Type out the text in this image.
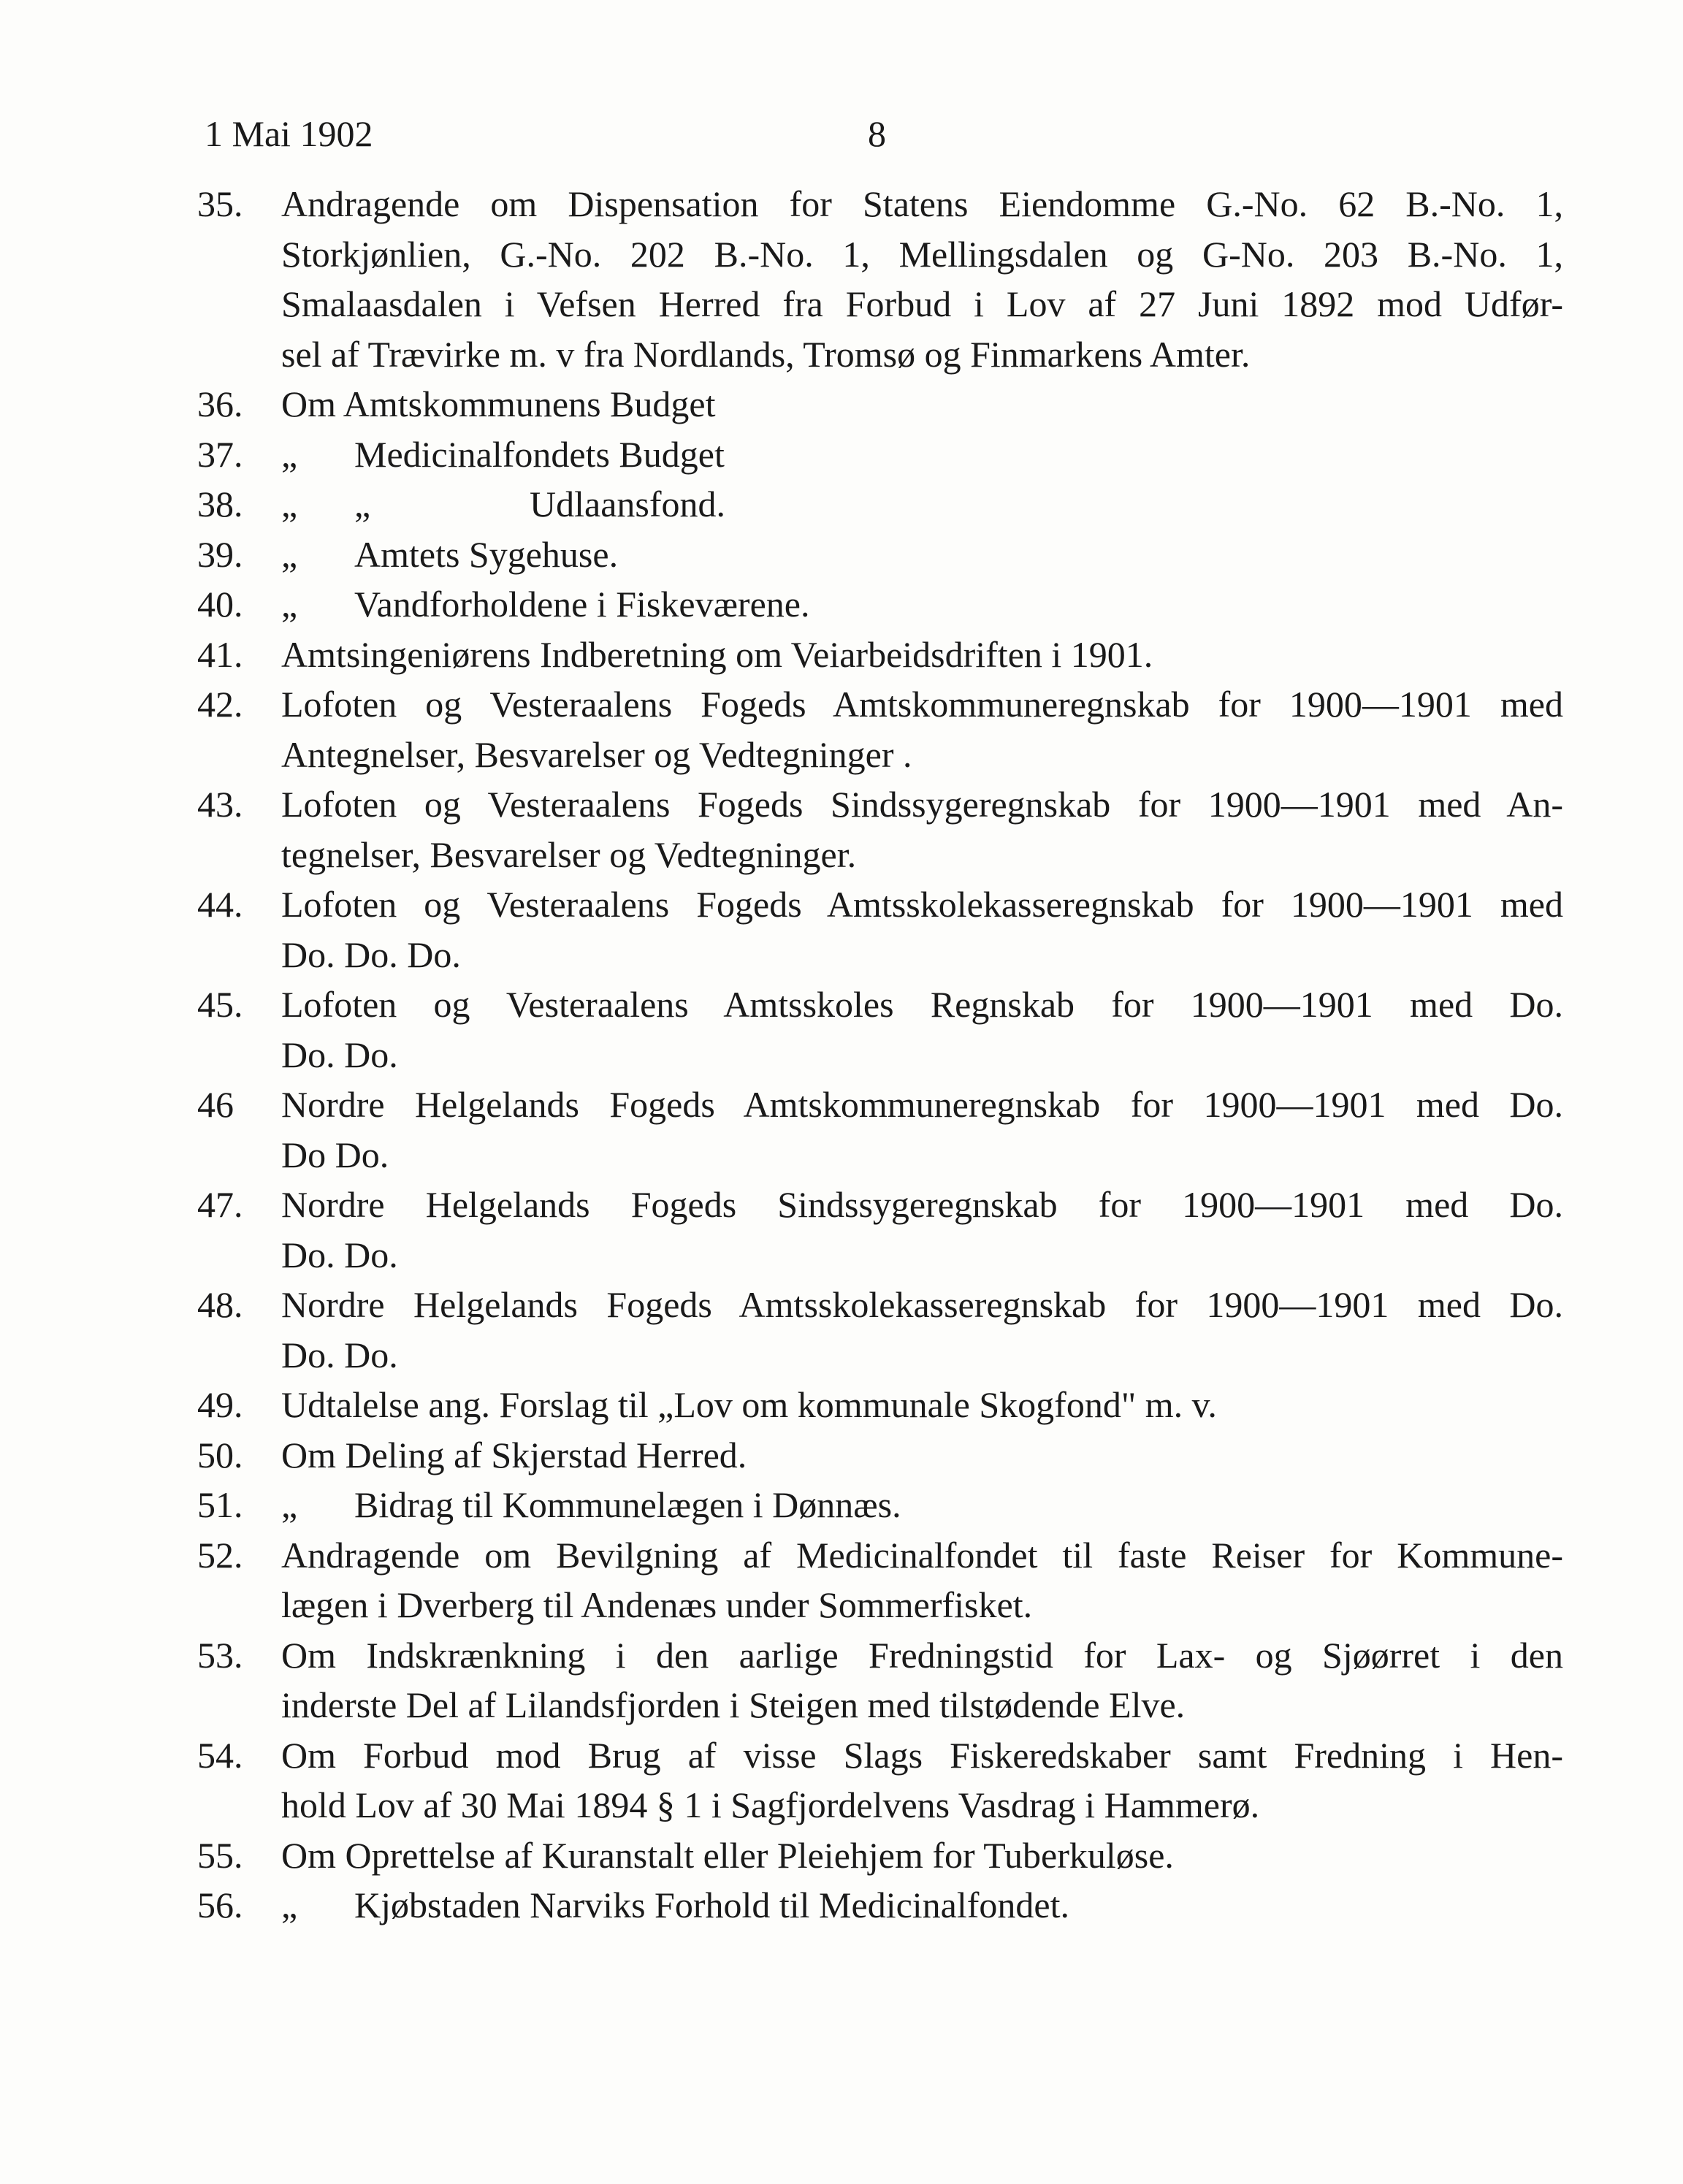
1 Mai 1902	8
35.	Andragende om Dispensation for Statens Eiendomme G.-No. 62 B.-No. 1,
Storkjønlien, G.-No. 202 B.-No. 1, Mellingsdalen og G-No. 203 B.-No. 1,
Smalaasdalen i Vefsen Herred fra Forbud i Lov af 27 Juni 1892 mod Udfør-
sel af Trævirke m. v fra Nordlands, Tromsø og Finmarkens Amter.
36.	Om Amtskommunens Budget
37.	„ Medicinalfondets Budget
38.	„ „	Udlaansfond.
39.	„ Amtets Sygehuse.
40.	„ Vandforholdene i Fiskeværene.
41.	Amtsingeniørens Indberetning om Veiarbeidsdriften i 1901.
42.	Lofoten og Vesteraalens Fogeds Amtskommuneregnskab for 1900—1901 med
Antegnelser, Besvarelser og Vedtegninger .
43.	Lofoten og Vesteraalens Fogeds Sindssygeregnskab for 1900—1901 med An-
tegnelser, Besvarelser og Vedtegninger.
44.	Lofoten og Vesteraalens Fogeds Amtsskolekasseregnskab for 1900—1901 med
Do. Do. Do.
45.	Lofoten og Vesteraalens Amtsskoles Regnskab for 1900—1901 med Do.
Do. Do.
46	Nordre Helgelands Fogeds Amtskommuneregnskab for 1900—1901 med Do.
Do Do.
47.	Nordre Helgelands Fogeds Sindssygeregnskab for 1900—1901 med Do.
Do. Do.
48.	Nordre Helgelands Fogeds Amtsskolekasseregnskab for 1900—1901 med Do.
Do. Do.
49.	Udtalelse ang. Forslag til „Lov om kommunale Skogfond" m. v.
50.	Om Deling af Skjerstad Herred.
51.	„ Bidrag til Kommunelægen i Dønnæs.
52.	Andragende om Bevilgning af Medicinalfondet til faste Reiser for Kommune-
lægen i Dverberg til Andenæs under Sommerfisket.
53.	Om Indskrænkning i den aarlige Fredningstid for Lax- og Sjøørret i den
inderste Del af Lilandsfjorden i Steigen med tilstødende Elve.
54.	Om Forbud mod Brug af visse Slags Fiskeredskaber samt Fredning i Hen-
hold Lov af 30 Mai 1894 § 1 i Sagfjordelvens Vasdrag i Hammerø.
55.	Om Oprettelse af Kuranstalt eller Pleiehjem for Tuberkuløse.
56.	„ Kjøbstaden Narviks Forhold til Medicinalfondet.
